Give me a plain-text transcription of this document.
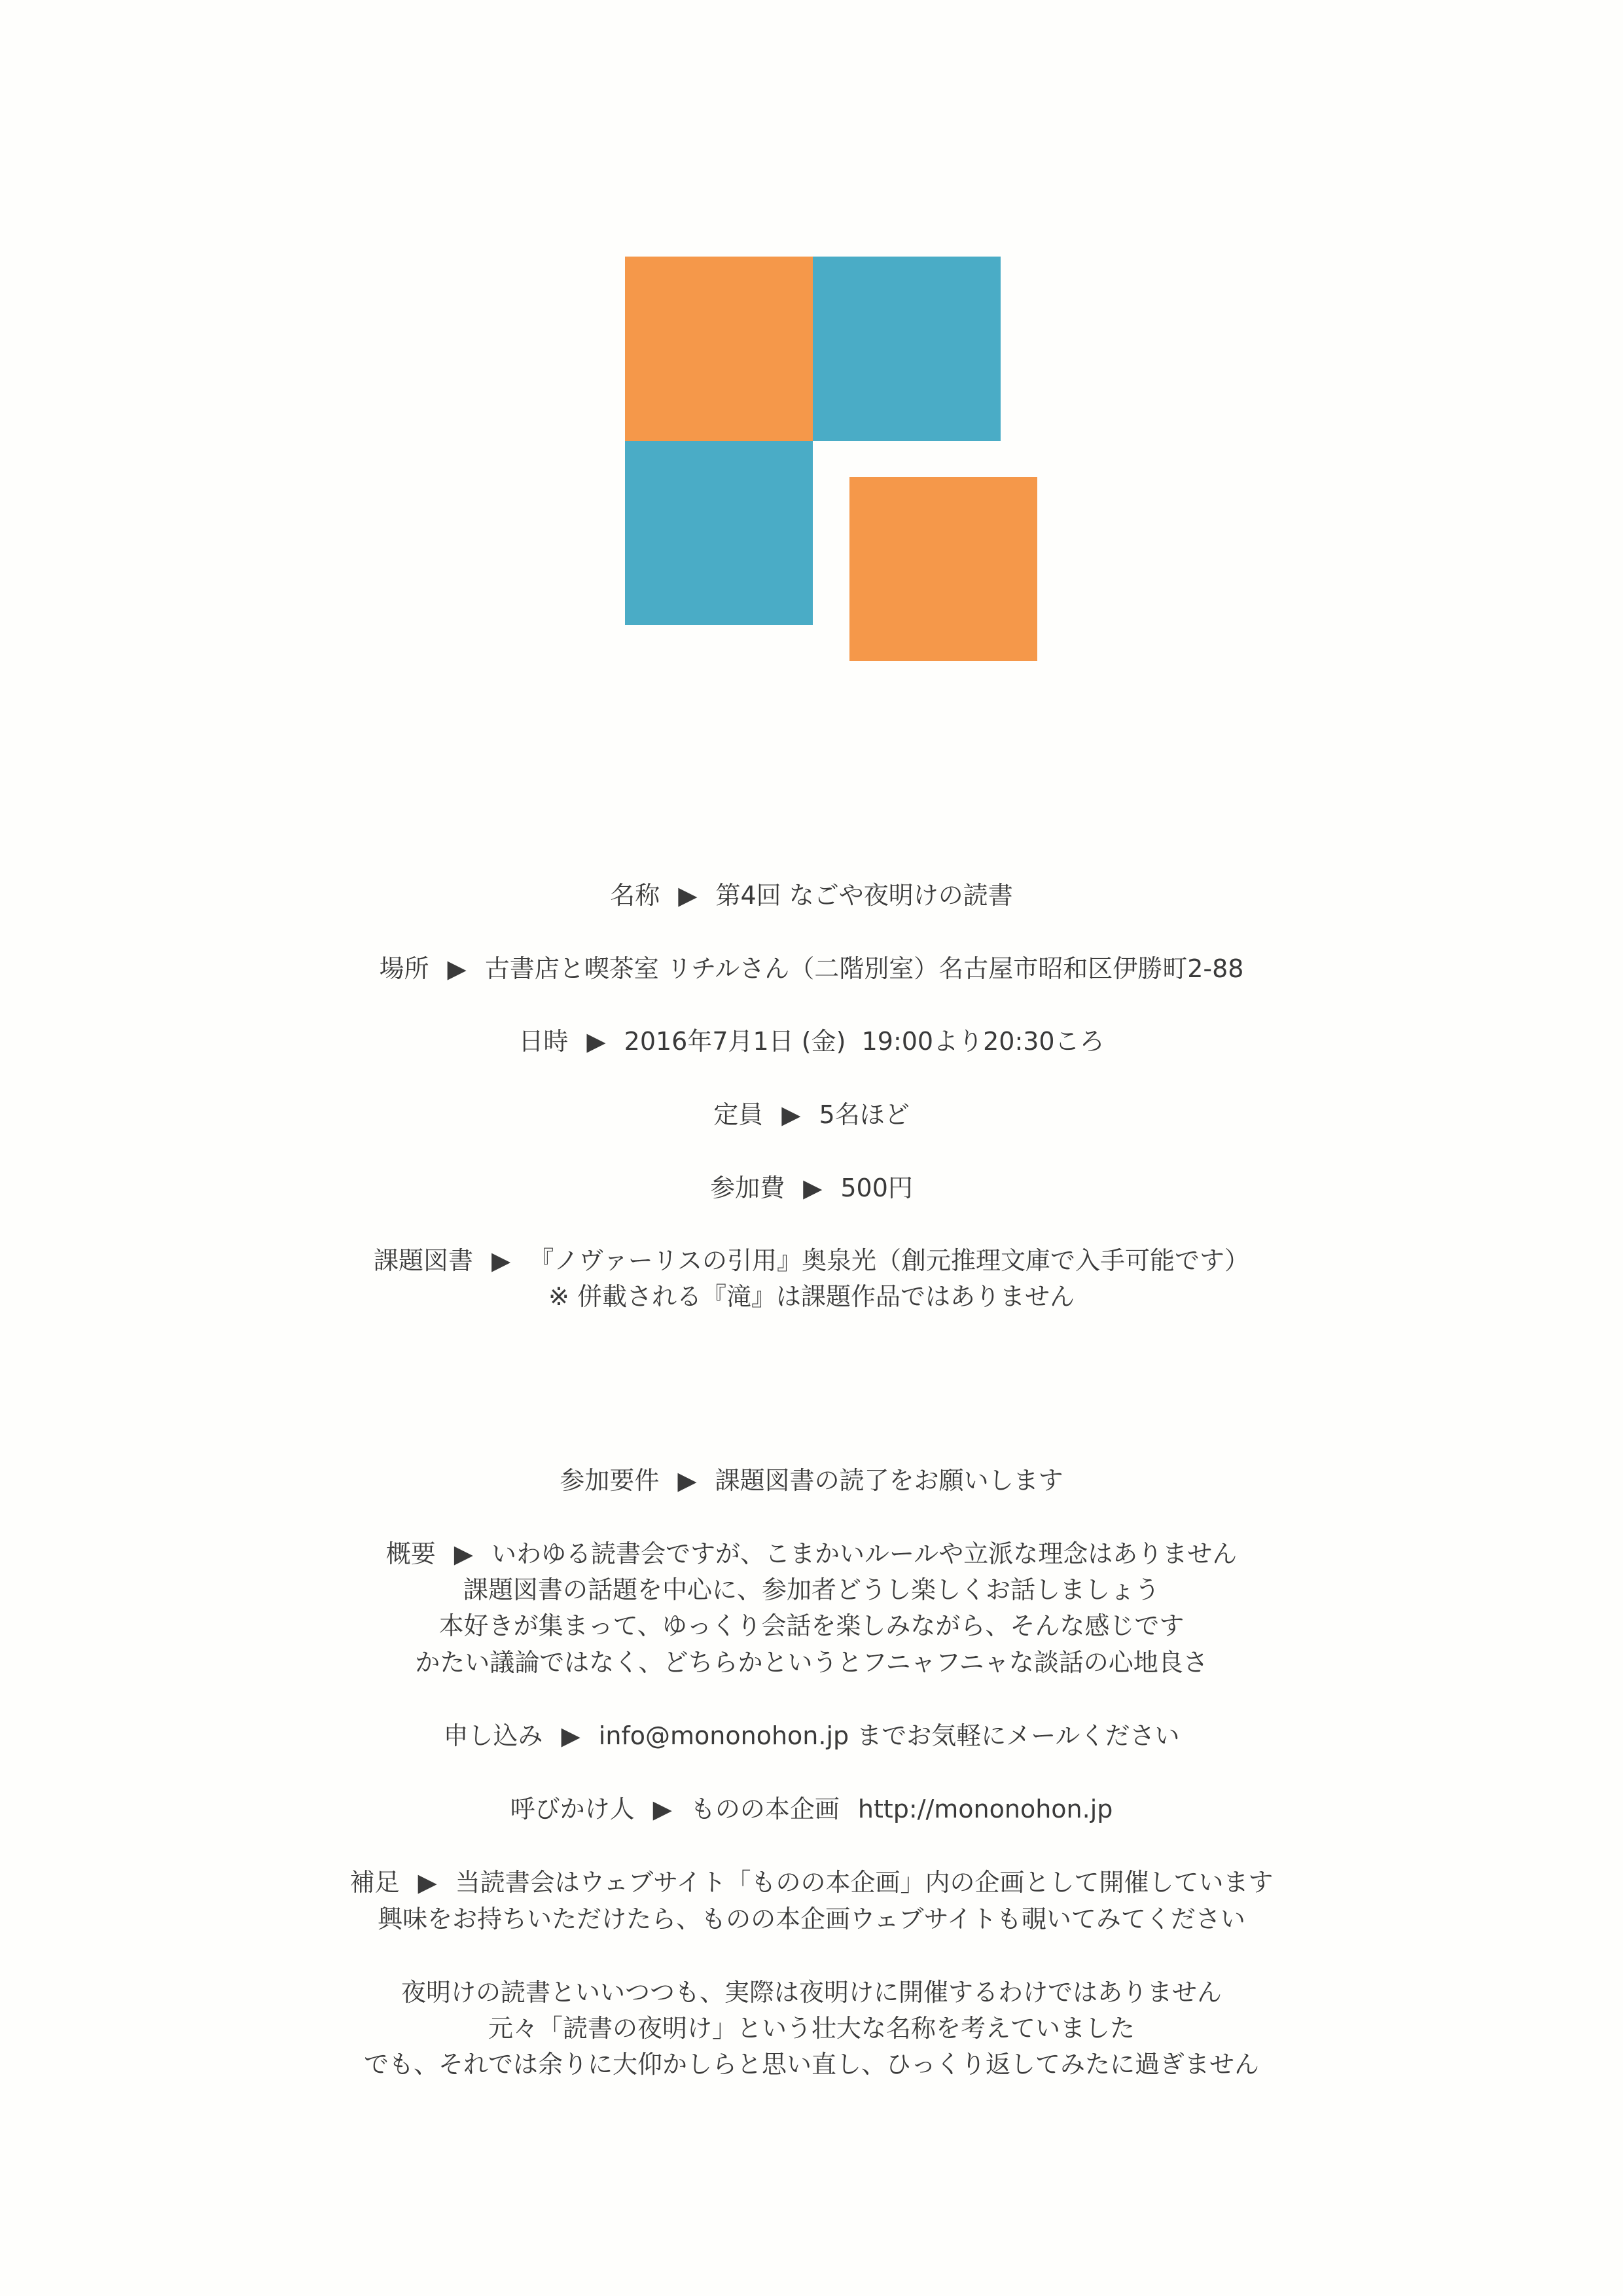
名称 ▶ 第4回 なごや夜明けの読書
場所 ▶ 古書店と喫茶室 リチルさん（二階別室）名古屋市昭和区伊勝町2-88
日時 ▶ 2016年7月1日 (金)  19:00より20:30ころ
定員 ▶ 5名ほど
参加費 ▶ 500円
課題図書 ▶ 『ノヴァーリスの引用』奥泉光（創元推理文庫で入手可能です）
※ 併載される『滝』は課題作品ではありません
参加要件 ▶ 課題図書の読了をお願いします
概要 ▶ いわゆる読書会ですが、こまかいルールや立派な理念はありません
課題図書の話題を中心に、参加者どうし楽しくお話しましょう
本好きが集まって、ゆっくり会話を楽しみながら、そんな感じです
かたい議論ではなく、どちらかというとフニャフニャな談話の心地良さ
申し込み ▶ info@mononohon.jp までお気軽にメールください
呼びかけ人 ▶ ものの本企画 http://mononohon.jp
補足 ▶ 当読書会はウェブサイト「ものの本企画」内の企画として開催しています
興味をお持ちいただけたら、ものの本企画ウェブサイトも覗いてみてください
夜明けの読書といいつつも、実際は夜明けに開催するわけではありません
元々「読書の夜明け」という壮大な名称を考えていました
でも、それでは余りに大仰かしらと思い直し、ひっくり返してみたに過ぎません
